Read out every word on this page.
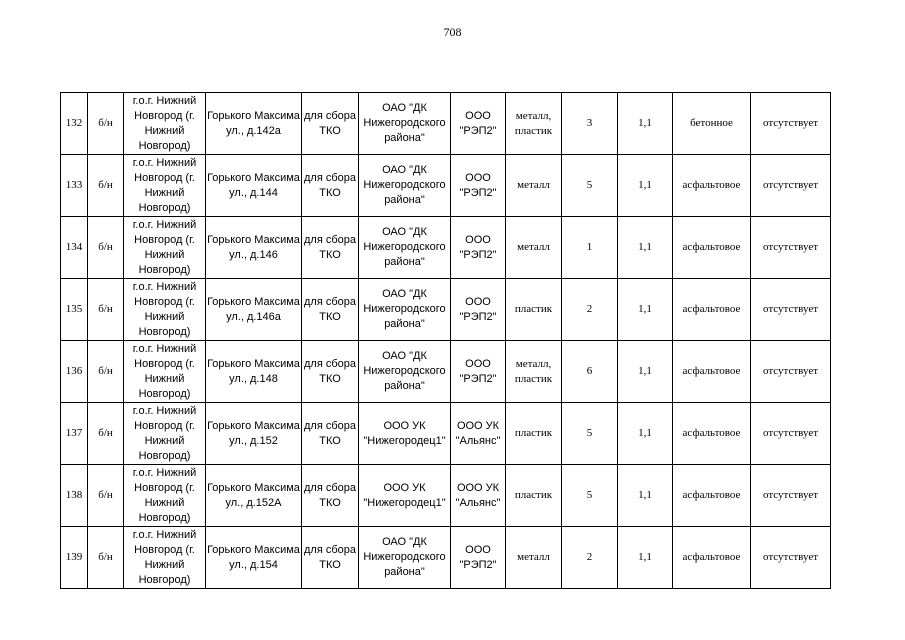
708
132	б/н	г.о.г. Нижний Новгород (г. Нижний Новгород)	Горького Максима ул., д.142а	для сбора ТКО	ОАО "ДК Нижегородского района"	ООО "РЭП2"	металл, пластик	3	1,1	бетонное	отсутствует
133	б/н	г.о.г. Нижний Новгород (г. Нижний Новгород)	Горького Максима ул., д.144	для сбора ТКО	ОАО "ДК Нижегородского района"	ООО "РЭП2"	металл	5	1,1	асфальтовое	отсутствует
134	б/н	г.о.г. Нижний Новгород (г. Нижний Новгород)	Горького Максима ул., д.146	для сбора ТКО	ОАО "ДК Нижегородского района"	ООО "РЭП2"	металл	1	1,1	асфальтовое	отсутствует
135	б/н	г.о.г. Нижний Новгород (г. Нижний Новгород)	Горького Максима ул., д.146а	для сбора ТКО	ОАО "ДК Нижегородского района"	ООО "РЭП2"	пластик	2	1,1	асфальтовое	отсутствует
136	б/н	г.о.г. Нижний Новгород (г. Нижний Новгород)	Горького Максима ул., д.148	для сбора ТКО	ОАО "ДК Нижегородского района"	ООО "РЭП2"	металл, пластик	6	1,1	асфальтовое	отсутствует
137	б/н	г.о.г. Нижний Новгород (г. Нижний Новгород)	Горького Максима ул., д.152	для сбора ТКО	ООО УК "Нижегородец1"	ООО УК "Альянс"	пластик	5	1,1	асфальтовое	отсутствует
138	б/н	г.о.г. Нижний Новгород (г. Нижний Новгород)	Горького Максима ул., д.152А	для сбора ТКО	ООО УК "Нижегородец1"	ООО УК "Альянс"	пластик	5	1,1	асфальтовое	отсутствует
139	б/н	г.о.г. Нижний Новгород (г. Нижний Новгород)	Горького Максима ул., д.154	для сбора ТКО	ОАО "ДК Нижегородского района"	ООО "РЭП2"	металл	2	1,1	асфальтовое	отсутствует
